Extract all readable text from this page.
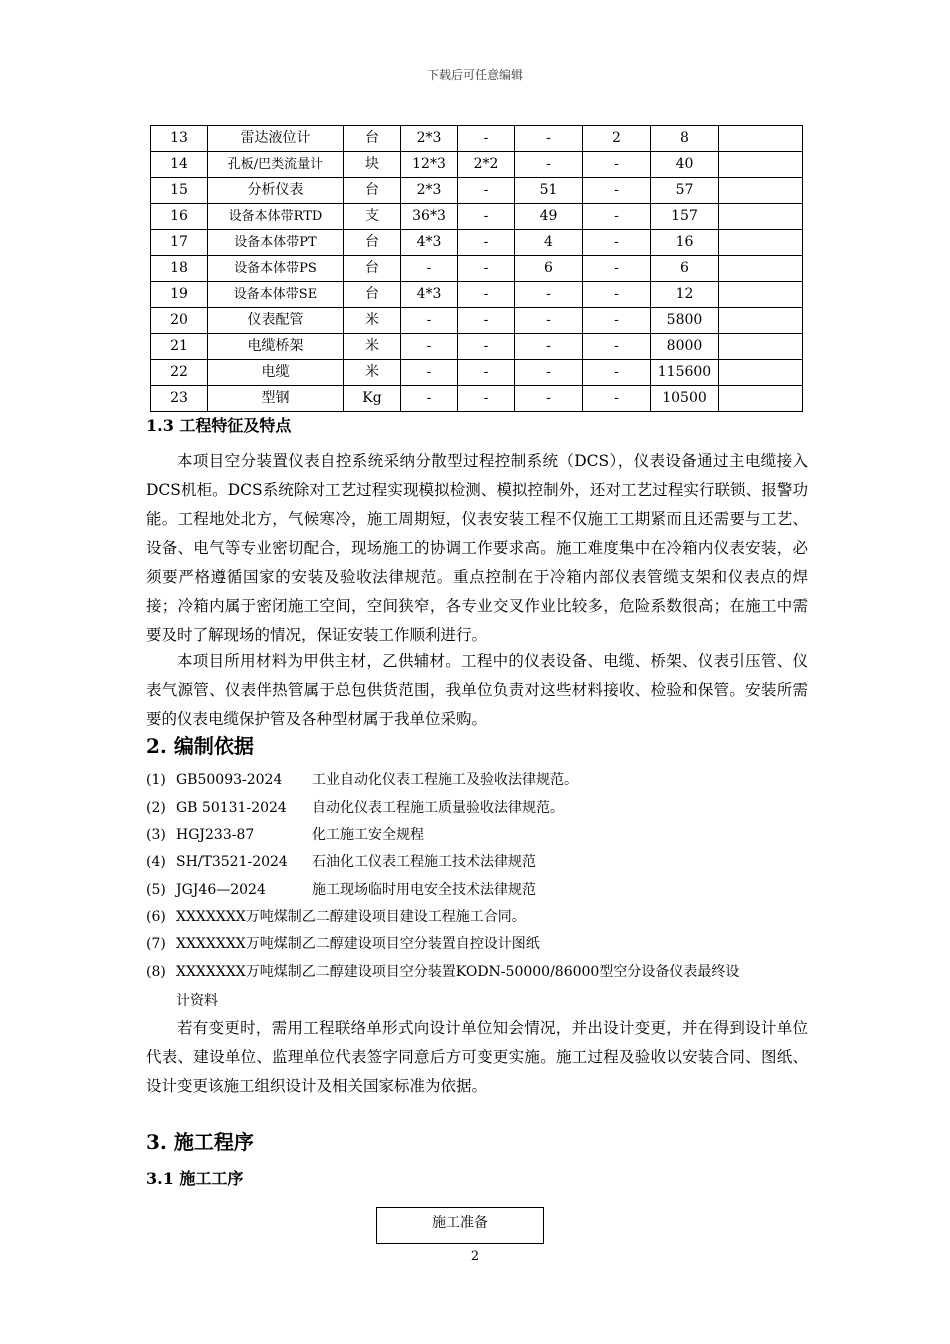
下载后可任意编辑
13	雷达液位计	台	2*3	-	-	2	8	
14	孔板/巴类流量计	块	12*3	2*2	-	-	40	
15	分析仪表	台	2*3	-	51	-	57	
16	设备本体带RTD	支	36*3	-	49	-	157	
17	设备本体带PT	台	4*3	-	4	-	16	
18	设备本体带PS	台	-	-	6	-	6	
19	设备本体带SE	台	4*3	-	-	-	12	
20	仪表配管	米	-	-	-	-	5800	
21	电缆桥架	米	-	-	-	-	8000	
22	电缆	米	-	-	-	-	115600	
23	型钢	Kg	-	-	-	-	10500	
1.3 工程特征及特点

本项目空分装置仪表自控系统采纳分散型过程控制系统（DCS），仪表设备通过主电缆接入DCS机柜。DCS系统除对工艺过程实现模拟检测、模拟控制外，还对工艺过程实行联锁、报警功能。工程地处北方，气候寒冷，施工周期短，仪表安装工程不仅施工工期紧而且还需要与工艺、设备、电气等专业密切配合，现场施工的协调工作要求高。施工难度集中在冷箱内仪表安装，必须要严格遵循国家的安装及验收法律规范。重点控制在于冷箱内部仪表管缆支架和仪表点的焊接；冷箱内属于密闭施工空间，空间狭窄，各专业交叉作业比较多，危险系数很高；在施工中需要及时了解现场的情况，保证安装工作顺利进行。

本项目所用材料为甲供主材，乙供辅材。工程中的仪表设备、电缆、桥架、仪表引压管、仪表气源管、仪表伴热管属于总包供货范围，我单位负责对这些材料接收、检验和保管。安装所需要的仪表电缆保护管及各种型材属于我单位采购。

2. 编制依据
(1) GB50093-2024 工业自动化仪表工程施工及验收法律规范。
(2) GB 50131-2024 自动化仪表工程施工质量验收法律规范。
(3) HGJ233-87	化工施工安全规程
(4) SH/T3521-2024 石油化工仪表工程施工技术法律规范
(5) JGJ46—2024	施工现场临时用电安全技术法律规范
(6) XXXXXXX万吨煤制乙二醇建设项目建设工程施工合同。
(7) XXXXXXX万吨煤制乙二醇建设项目空分装置自控设计图纸
(8) XXXXXXX万吨煤制乙二醇建设项目空分装置KODN-50000/86000型空分设备仪表最终设
计资料

若有变更时，需用工程联络单形式向设计单位知会情况，并出设计变更，并在得到设计单位代表、建设单位、监理单位代表签字同意后方可变更实施。施工过程及验收以安装合同、图纸、设计变更该施工组织设计及相关国家标准为依据。

3. 施工程序
3.1 施工工序
施工准备
2
